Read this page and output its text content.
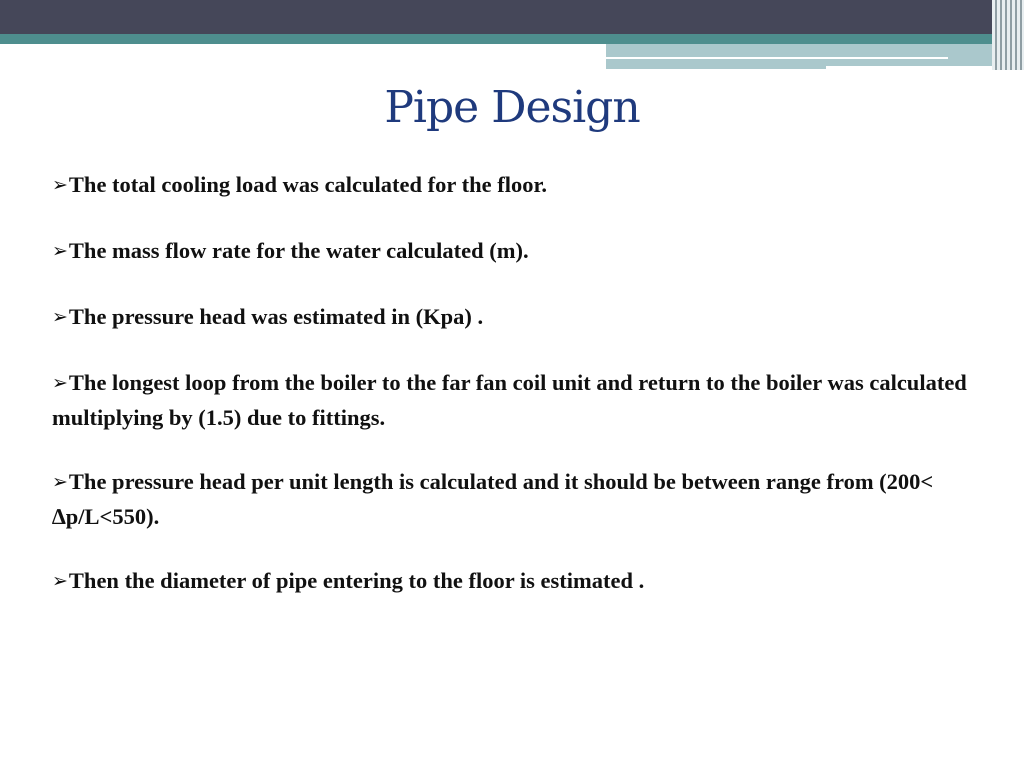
Pipe Design
➢The total cooling load was calculated for the floor.
➢The mass flow rate for the water calculated (m).
➢The pressure head was estimated in (Kpa) .
➢The longest loop from the boiler to the far fan coil unit and return to the boiler was calculated multiplying by (1.5) due to fittings.
➢The pressure head per unit length is calculated and it should be between range from (200< ∆p/L<550).
➢Then the diameter of pipe entering to the floor is estimated .
